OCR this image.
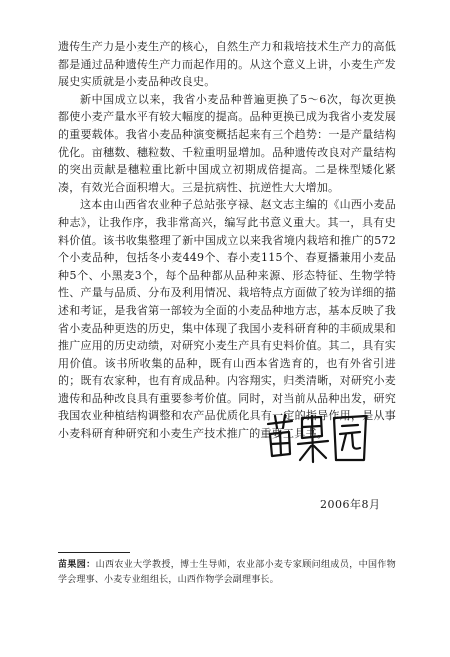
遗传生产力是小麦生产的核心，自然生产力和栽培技术生产力的高低都是通过品种遗传生产力而起作用的。从这个意义上讲，小麦生产发展史实质就是小麦品种改良史。

新中国成立以来，我省小麦品种普遍更换了5～6次，每次更换都使小麦产量水平有较大幅度的提高。品种更换已成为我省小麦发展的重要载体。我省小麦品种演变概括起来有三个趋势：一是产量结构优化。亩穗数、穗粒数、千粒重明显增加。品种遗传改良对产量结构的突出贡献是穗粒重比新中国成立初期成倍提高。二是株型矮化紧凑，有效光合面积增大。三是抗病性、抗逆性大大增加。

这本由山西省农业种子总站张亨禄、赵文志主编的《山西小麦品种志》，让我作序，我非常高兴，编写此书意义重大。其一，具有史料价值。该书收集整理了新中国成立以来我省境内栽培和推广的572个小麦品种，包括冬小麦449个、春小麦115个、春夏播兼用小麦品种5个、小黑麦3个，每个品种都从品种来源、形态特征、生物学特性、产量与品质、分布及利用情况、栽培特点方面做了较为详细的描述和考证，是我省第一部较为全面的小麦品种地方志，基本反映了我省小麦品种更迭的历史，集中体现了我国小麦科研育种的丰硕成果和推广应用的历史动绩，对研究小麦生产具有史料价值。其二，具有实用价值。该书所收集的品种，既有山西本省选育的，也有外省引进的；既有农家种，也有育成品种。内容翔实，归类清晰，对研究小麦遗传和品种改良具有重要参考价值。同时，对当前从品种出发，研究我国农业种植结构调整和农产品优质化具有一定的指导作用，是从事小麦科研育种研究和小麦生产技术推广的重要工具书。

2006年8月
苗果园：山西农业大学教授，博士生导师，农业部小麦专家顾问组成员，中国作物学会理事、小麦专业组组长，山西作物学会副理事长。
